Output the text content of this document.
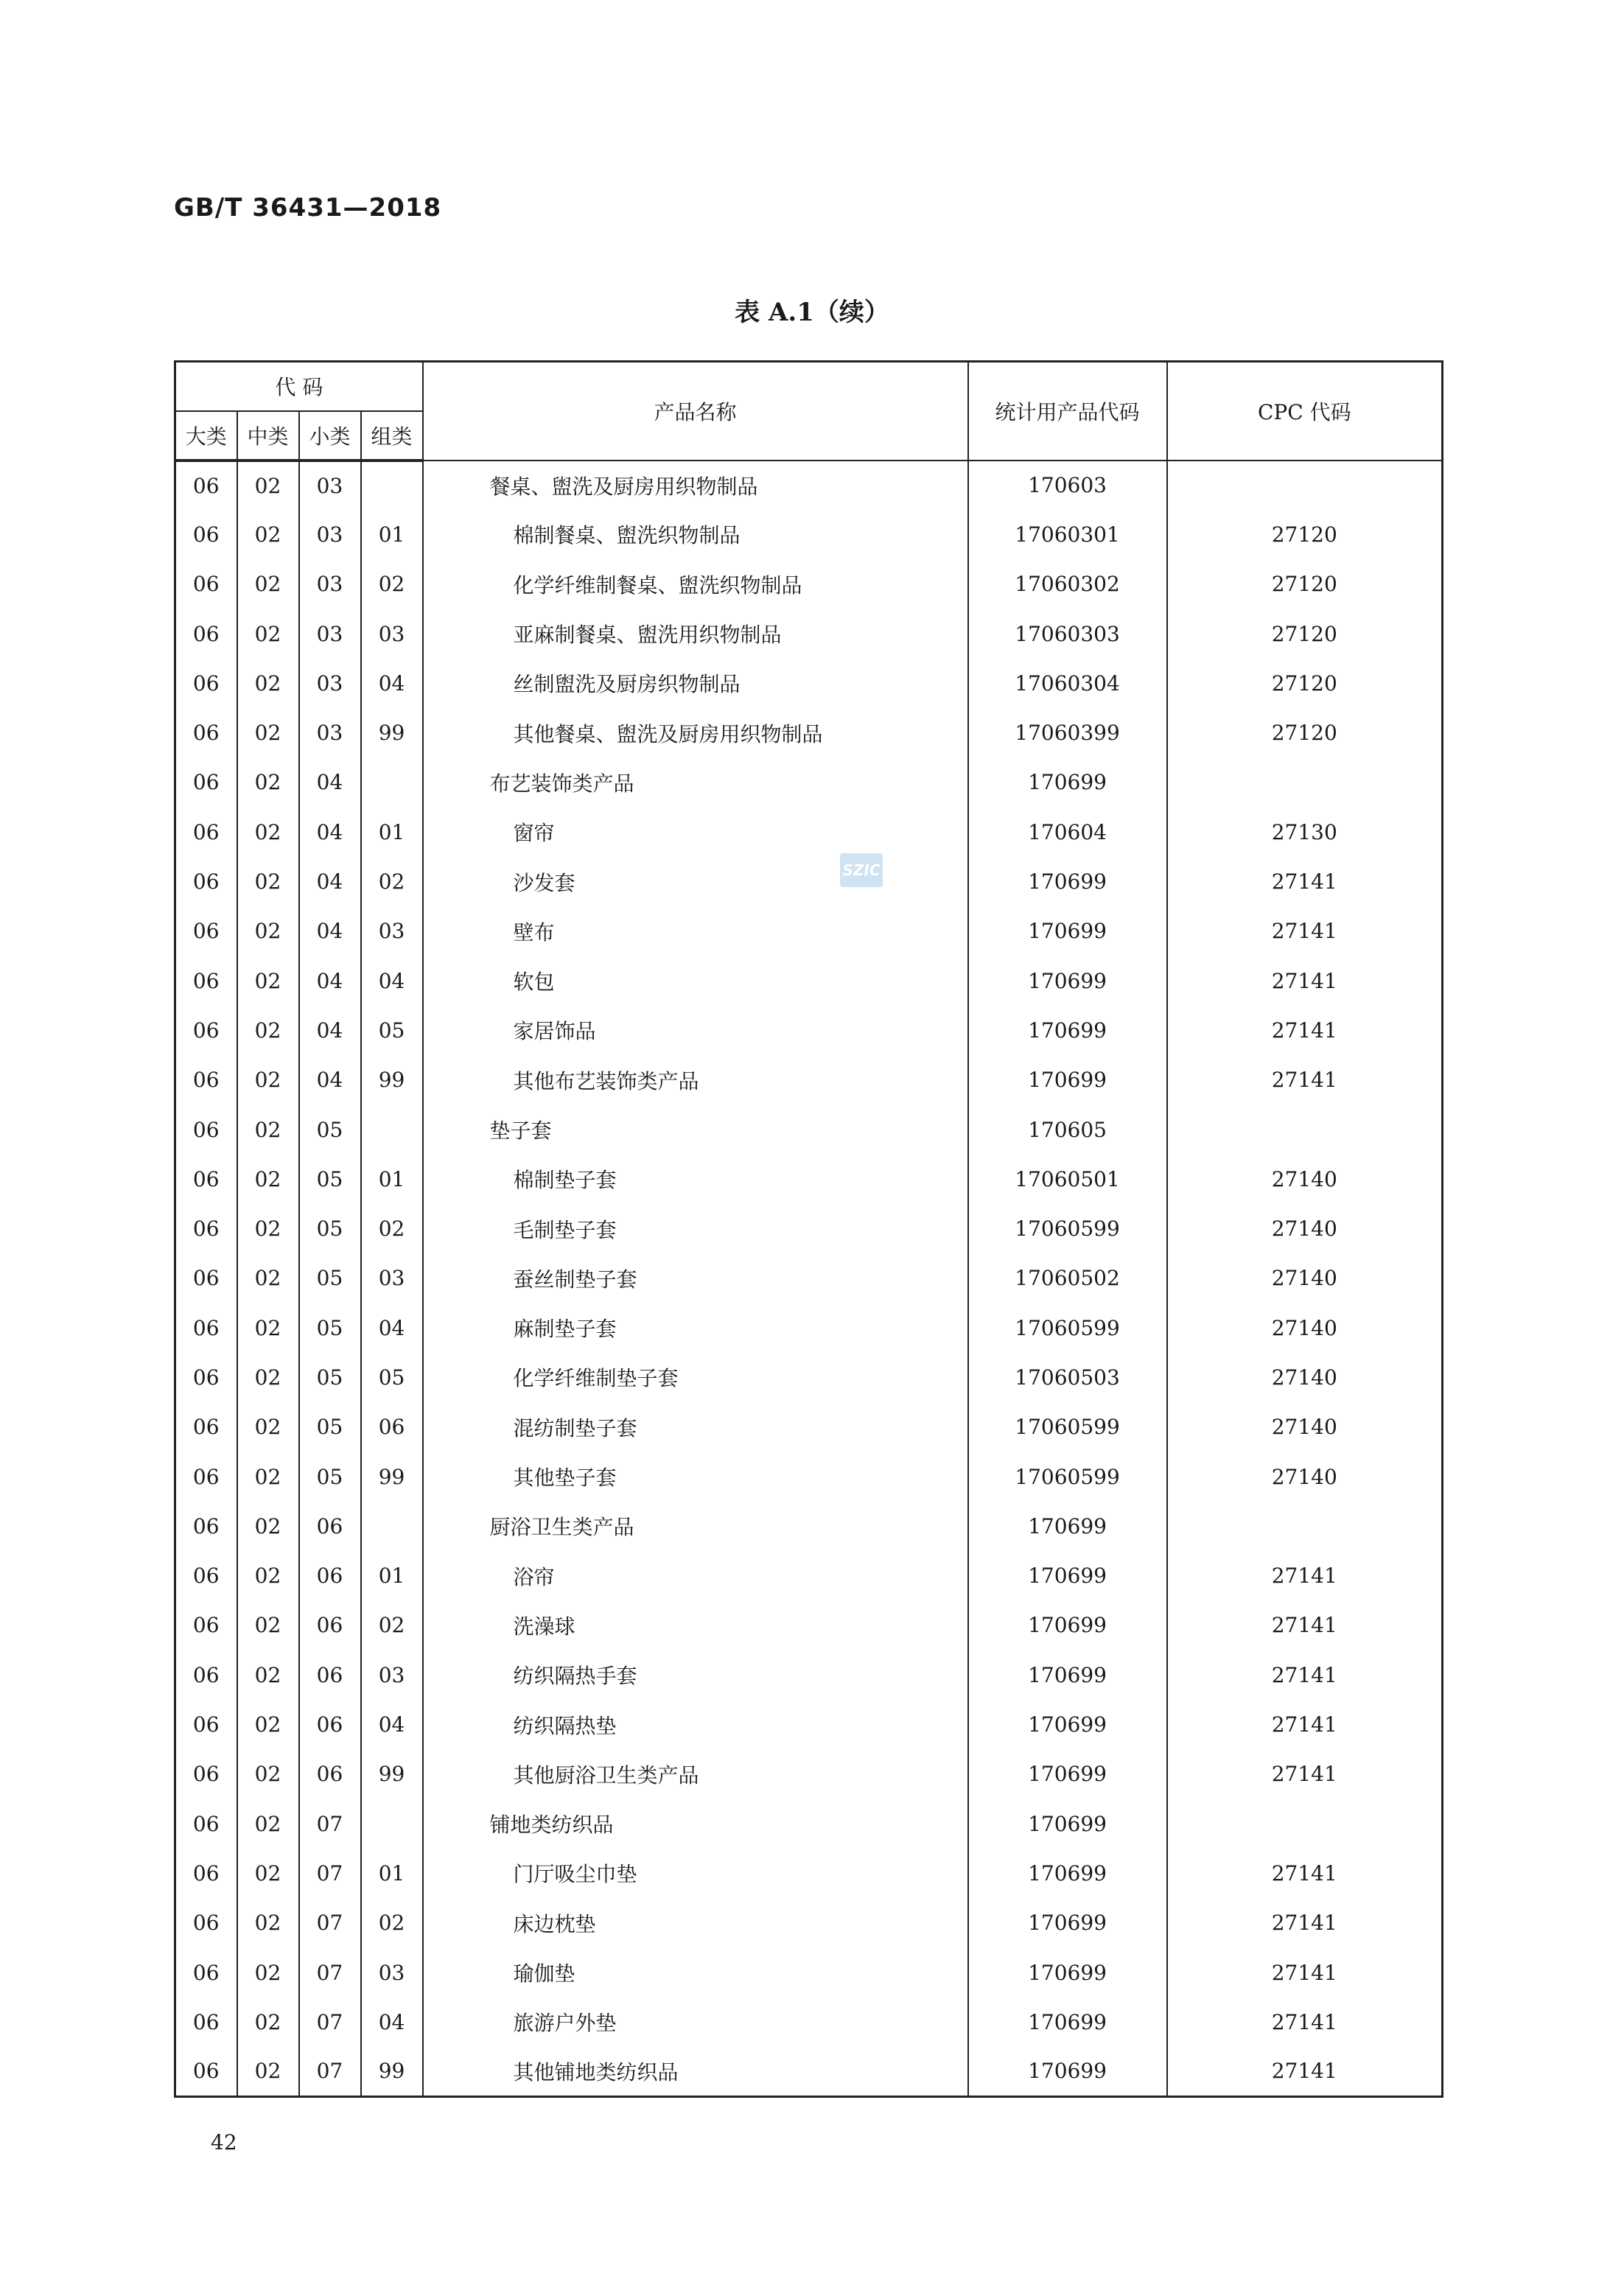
GB/T 36431—2018
表 A.1（续）
SZIC
代 码				产品名称	统计用产品代码	CPC 代码
大类	中类	小类	组类			
06	02	03		餐桌、盥洗及厨房用织物制品	170603	
06	02	03	01	棉制餐桌、盥洗织物制品	17060301	27120
06	02	03	02	化学纤维制餐桌、盥洗织物制品	17060302	27120
06	02	03	03	亚麻制餐桌、盥洗用织物制品	17060303	27120
06	02	03	04	丝制盥洗及厨房织物制品	17060304	27120
06	02	03	99	其他餐桌、盥洗及厨房用织物制品	17060399	27120
06	02	04		布艺装饰类产品	170699	
06	02	04	01	窗帘	170604	27130
06	02	04	02	沙发套	170699	27141
06	02	04	03	壁布	170699	27141
06	02	04	04	软包	170699	27141
06	02	04	05	家居饰品	170699	27141
06	02	04	99	其他布艺装饰类产品	170699	27141
06	02	05		垫子套	170605	
06	02	05	01	棉制垫子套	17060501	27140
06	02	05	02	毛制垫子套	17060599	27140
06	02	05	03	蚕丝制垫子套	17060502	27140
06	02	05	04	麻制垫子套	17060599	27140
06	02	05	05	化学纤维制垫子套	17060503	27140
06	02	05	06	混纺制垫子套	17060599	27140
06	02	05	99	其他垫子套	17060599	27140
06	02	06		厨浴卫生类产品	170699	
06	02	06	01	浴帘	170699	27141
06	02	06	02	洗澡球	170699	27141
06	02	06	03	纺织隔热手套	170699	27141
06	02	06	04	纺织隔热垫	170699	27141
06	02	06	99	其他厨浴卫生类产品	170699	27141
06	02	07		铺地类纺织品	170699	
06	02	07	01	门厅吸尘巾垫	170699	27141
06	02	07	02	床边枕垫	170699	27141
06	02	07	03	瑜伽垫	170699	27141
06	02	07	04	旅游户外垫	170699	27141
06	02	07	99	其他铺地类纺织品	170699	27141
42
